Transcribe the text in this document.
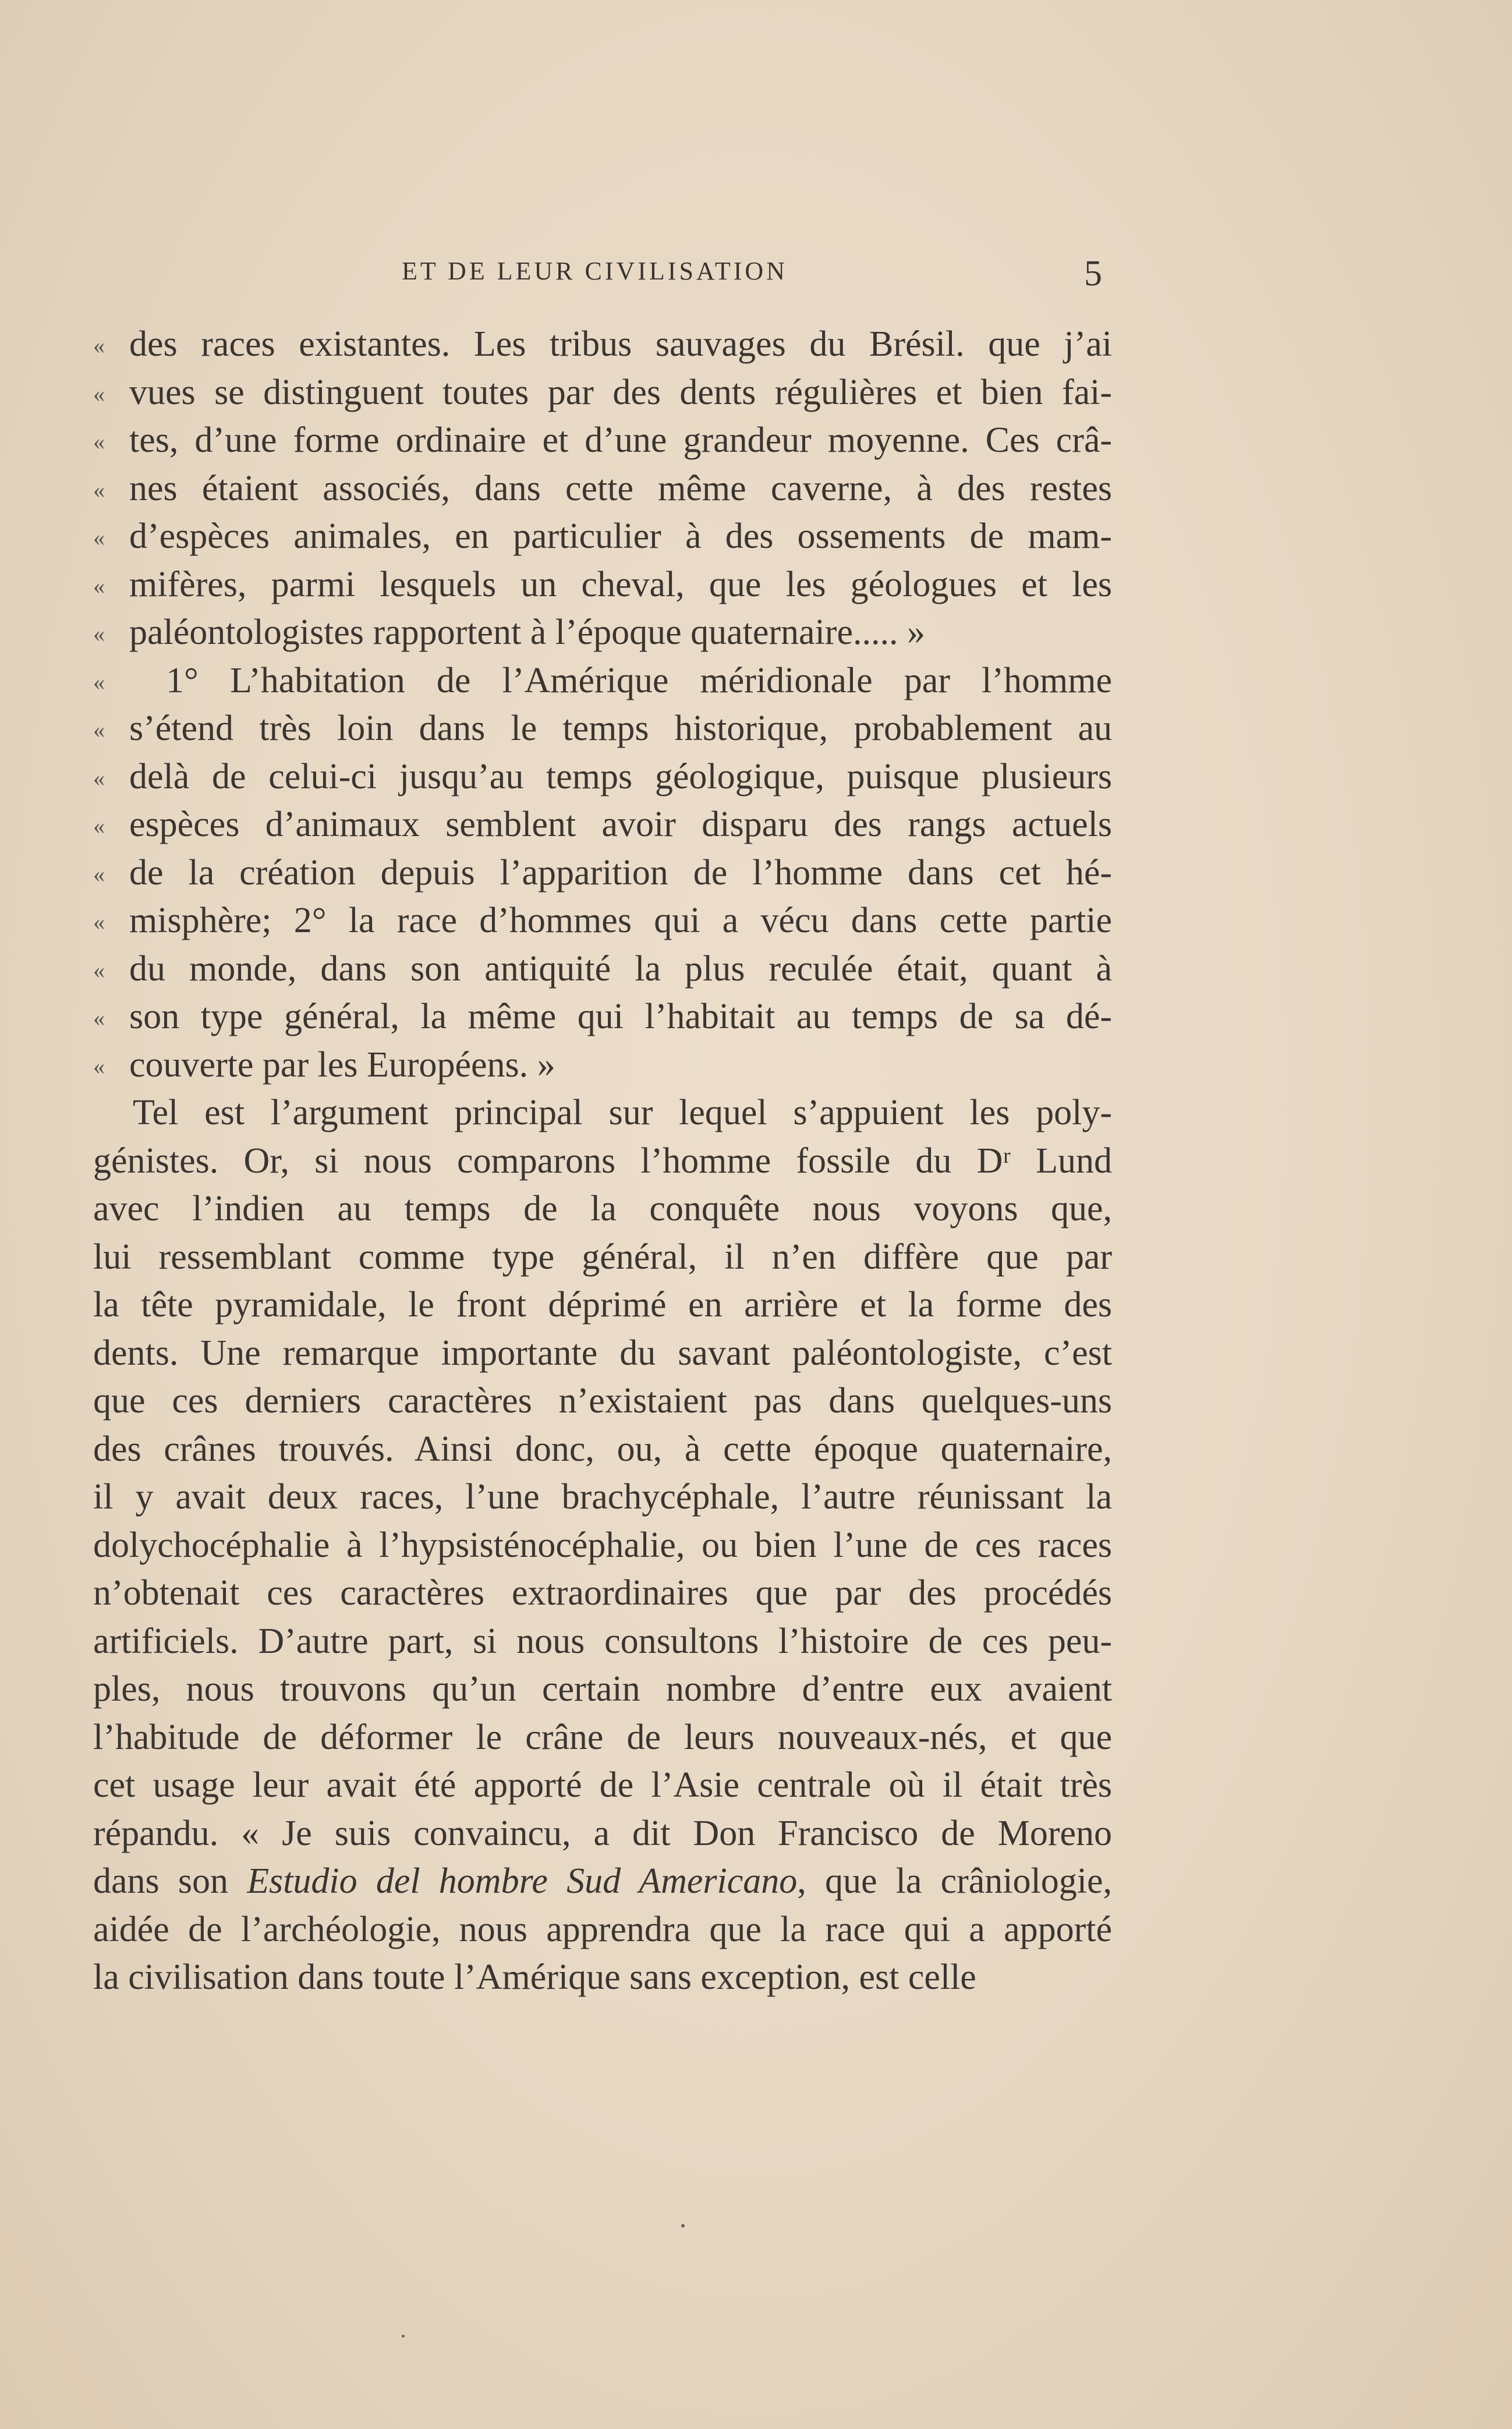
ET DE LEUR CIVILISATION	5
« des races existantes. Les tribus sauvages du Brésil. que j’ai
« vues se distinguent toutes par des dents régulières et bien fai-
« tes, d’une forme ordinaire et d’une grandeur moyenne. Ces crâ-
« nes étaient associés, dans cette même caverne, à des restes
« d’espèces animales, en particulier à des ossements de mam-
« mifères, parmi lesquels un cheval, que les géologues et les
« paléontologistes rapportent à l’époque quaternaire..... »
« 1° L’habitation de l’Amérique méridionale par l’homme
« s’étend très loin dans le temps historique, probablement au
« delà de celui-ci jusqu’au temps géologique, puisque plusieurs
« espèces d’animaux semblent avoir disparu des rangs actuels
« de la création depuis l’apparition de l’homme dans cet hé-
« misphère; 2° la race d’hommes qui a vécu dans cette partie
« du monde, dans son antiquité la plus reculée était, quant à
« son type général, la même qui l’habitait au temps de sa dé-
« couverte par les Européens. »
Tel est l’argument principal sur lequel s’appuient les poly-
génistes. Or, si nous comparons l’homme fossile du Dʳ Lund
avec l’indien au temps de la conquête nous voyons que,
lui ressemblant comme type général, il n’en diffère que par
la tête pyramidale, le front déprimé en arrière et la forme des
dents. Une remarque importante du savant paléontologiste, c’est
que ces derniers caractères n’existaient pas dans quelques-uns
des crânes trouvés. Ainsi donc, ou, à cette époque quaternaire,
il y avait deux races, l’une brachycéphale, l’autre réunissant la
dolychocéphalie à l’hypsisténocéphalie, ou bien l’une de ces races
n’obtenait ces caractères extraordinaires que par des procédés
artificiels. D’autre part, si nous consultons l’histoire de ces peu-
ples, nous trouvons qu’un certain nombre d’entre eux avaient
l’habitude de déformer le crâne de leurs nouveaux-nés, et que
cet usage leur avait été apporté de l’Asie centrale où il était très
répandu. « Je suis convaincu, a dit Don Francisco de Moreno
dans son Estudio del hombre Sud Americano, que la crâniologie,
aidée de l’archéologie, nous apprendra que la race qui a apporté
la civilisation dans toute l’Amérique sans exception, est celle
